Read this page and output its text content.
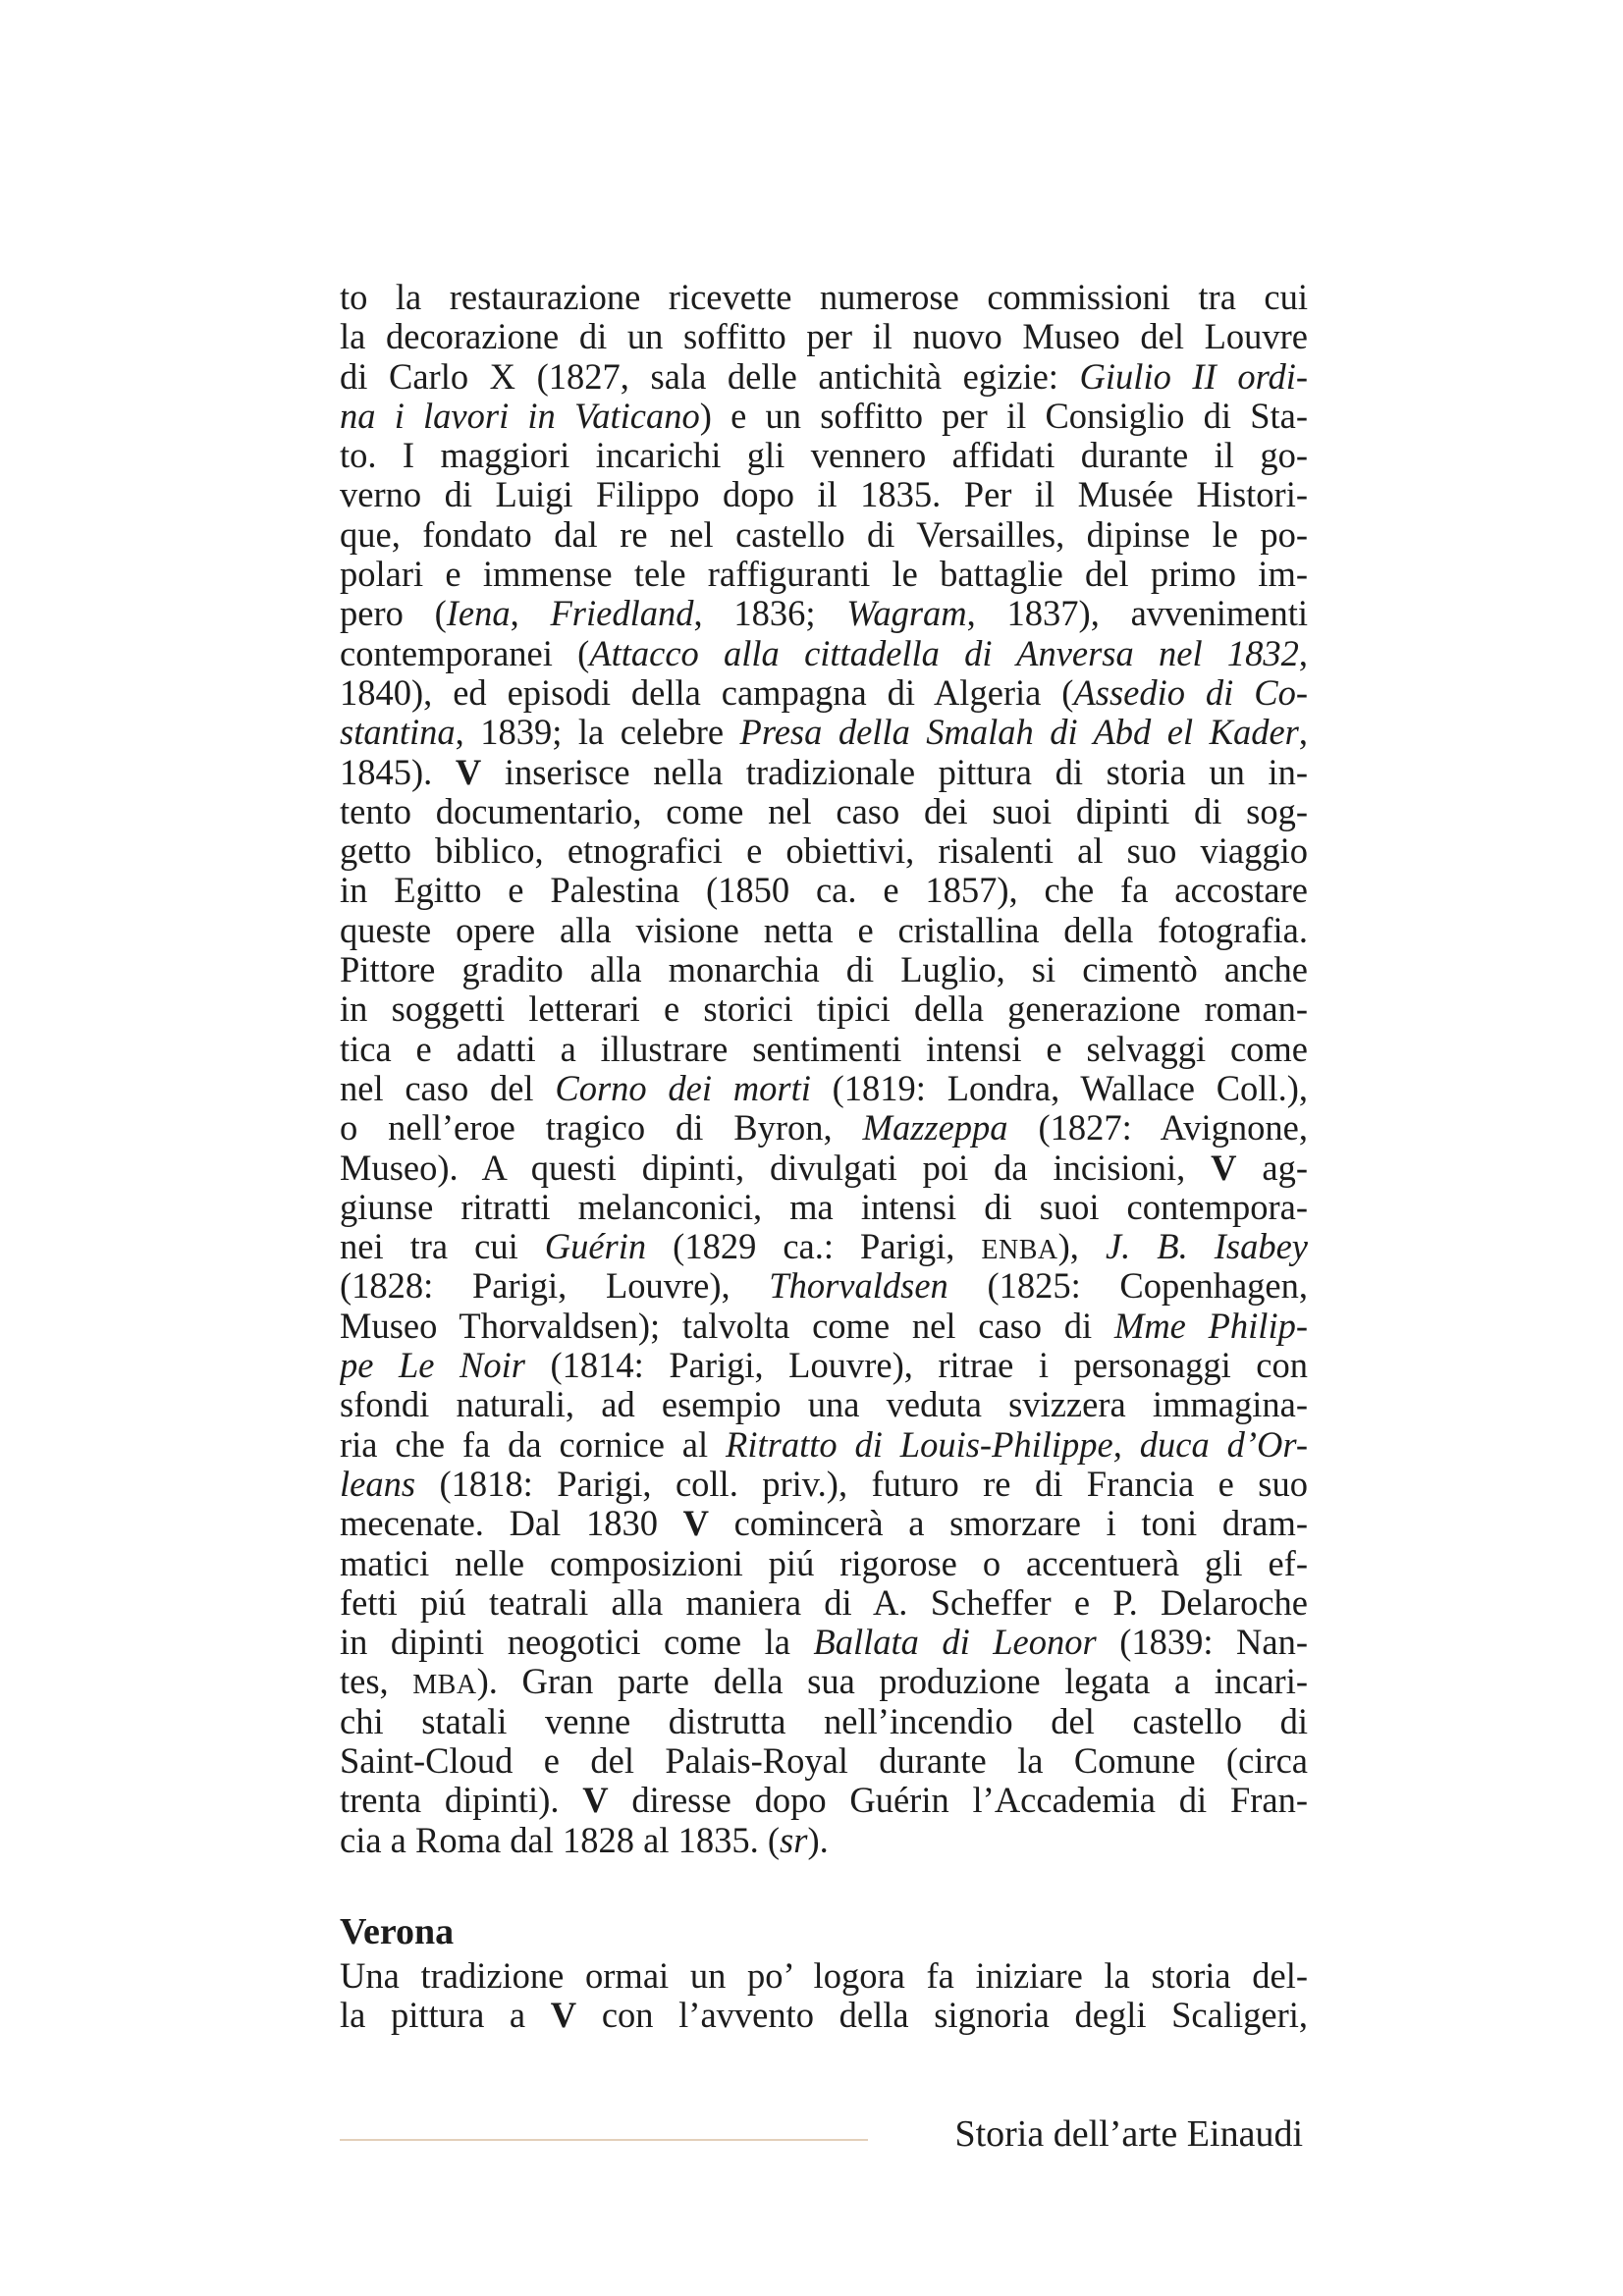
to la restaurazione ricevette numerose commissioni tra cui
la decorazione di un soffitto per il nuovo Museo del Louvre
di Carlo X (1827, sala delle antichità egizie: Giulio II ordi-
na i lavori in Vaticano) e un soffitto per il Consiglio di Sta-
to. I maggiori incarichi gli vennero affidati durante il go-
verno di Luigi Filippo dopo il 1835. Per il Musée Histori-
que, fondato dal re nel castello di Versailles, dipinse le po-
polari e immense tele raffiguranti le battaglie del primo im-
pero (Iena, Friedland, 1836; Wagram, 1837), avvenimenti
contemporanei (Attacco alla cittadella di Anversa nel 1832,
1840), ed episodi della campagna di Algeria (Assedio di Co-
stantina, 1839; la celebre Presa della Smalah di Abd el Kader,
1845). V inserisce nella tradizionale pittura di storia un in-
tento documentario, come nel caso dei suoi dipinti di sog-
getto biblico, etnografici e obiettivi, risalenti al suo viaggio
in Egitto e Palestina (1850 ca. e 1857), che fa accostare
queste opere alla visione netta e cristallina della fotografia.
Pittore gradito alla monarchia di Luglio, si cimentò anche
in soggetti letterari e storici tipici della generazione roman-
tica e adatti a illustrare sentimenti intensi e selvaggi come
nel caso del Corno dei morti (1819: Londra, Wallace Coll.),
o nell’eroe tragico di Byron, Mazzeppa (1827: Avignone,
Museo). A questi dipinti, divulgati poi da incisioni, V ag-
giunse ritratti melanconici, ma intensi di suoi contempora-
nei tra cui Guérin (1829 ca.: Parigi, ENBA), J. B. Isabey
(1828: Parigi, Louvre), Thorvaldsen (1825: Copenhagen,
Museo Thorvaldsen); talvolta come nel caso di Mme Philip-
pe Le Noir (1814: Parigi, Louvre), ritrae i personaggi con
sfondi naturali, ad esempio una veduta svizzera immagina-
ria che fa da cornice al Ritratto di Louis-Philippe, duca d’Or-
leans (1818: Parigi, coll. priv.), futuro re di Francia e suo
mecenate. Dal 1830 V comincerà a smorzare i toni dram-
matici nelle composizioni piú rigorose o accentuerà gli ef-
fetti piú teatrali alla maniera di A. Scheffer e P. Delaroche
in dipinti neogotici come la Ballata di Leonor (1839: Nan-
tes, MBA). Gran parte della sua produzione legata a incari-
chi statali venne distrutta nell’incendio del castello di
Saint-Cloud e del Palais-Royal durante la Comune (circa
trenta dipinti). V diresse dopo Guérin l’Accademia di Fran-
cia a Roma dal 1828 al 1835. (sr).
Verona
Una tradizione ormai un po’ logora fa iniziare la storia del-
la pittura a V con l’avvento della signoria degli Scaligeri,
Storia dell’arte Einaudi
